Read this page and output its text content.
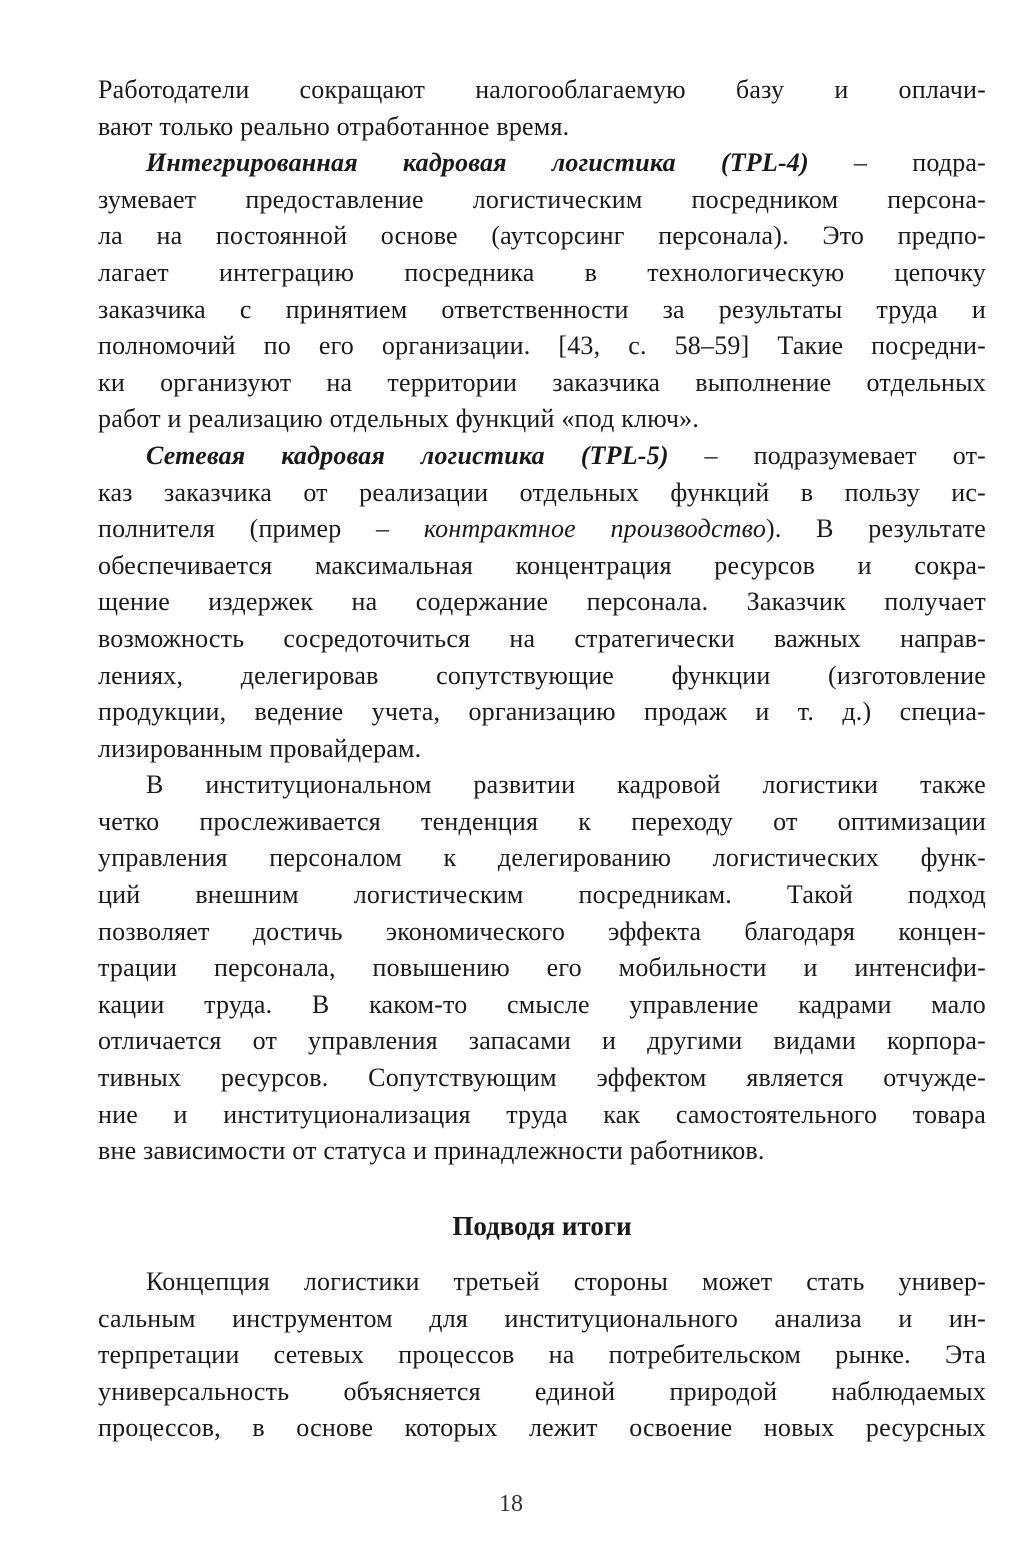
Работодатели сокращают налогооблагаемую базу и оплачи-
вают только реально отработанное время.
Интегрированная кадровая логистика (TPL-4) – подра-
зумевает предоставление логистическим посредником персона-
ла на постоянной основе (аутсорсинг персонала). Это предпо-
лагает интеграцию посредника в технологическую цепочку
заказчика с принятием ответственности за результаты труда и
полномочий по его организации. [43, с. 58–59] Такие посредни-
ки организуют на территории заказчика выполнение отдельных
работ и реализацию отдельных функций «под ключ».
Сетевая кадровая логистика (TPL-5) – подразумевает от-
каз заказчика от реализации отдельных функций в пользу ис-
полнителя (пример – контрактное производство). В результате
обеспечивается максимальная концентрация ресурсов и сокра-
щение издержек на содержание персонала. Заказчик получает
возможность сосредоточиться на стратегически важных направ-
лениях, делегировав сопутствующие функции (изготовление
продукции, ведение учета, организацию продаж и т. д.) специа-
лизированным провайдерам.
В институциональном развитии кадровой логистики также
четко прослеживается тенденция к переходу от оптимизации
управления персоналом к делегированию логистических функ-
ций внешним логистическим посредникам. Такой подход
позволяет достичь экономического эффекта благодаря концен-
трации персонала, повышению его мобильности и интенсифи-
кации труда. В каком-то смысле управление кадрами мало
отличается от управления запасами и другими видами корпора-
тивных ресурсов. Сопутствующим эффектом является отчужде-
ние и институционализация труда как самостоятельного товара
вне зависимости от статуса и принадлежности работников.
Подводя итоги
Концепция логистики третьей стороны может стать универ-
сальным инструментом для институционального анализа и ин-
терпретации сетевых процессов на потребительском рынке. Эта
универсальность объясняется единой природой наблюдаемых
процессов, в основе которых лежит освоение новых ресурсных
18
